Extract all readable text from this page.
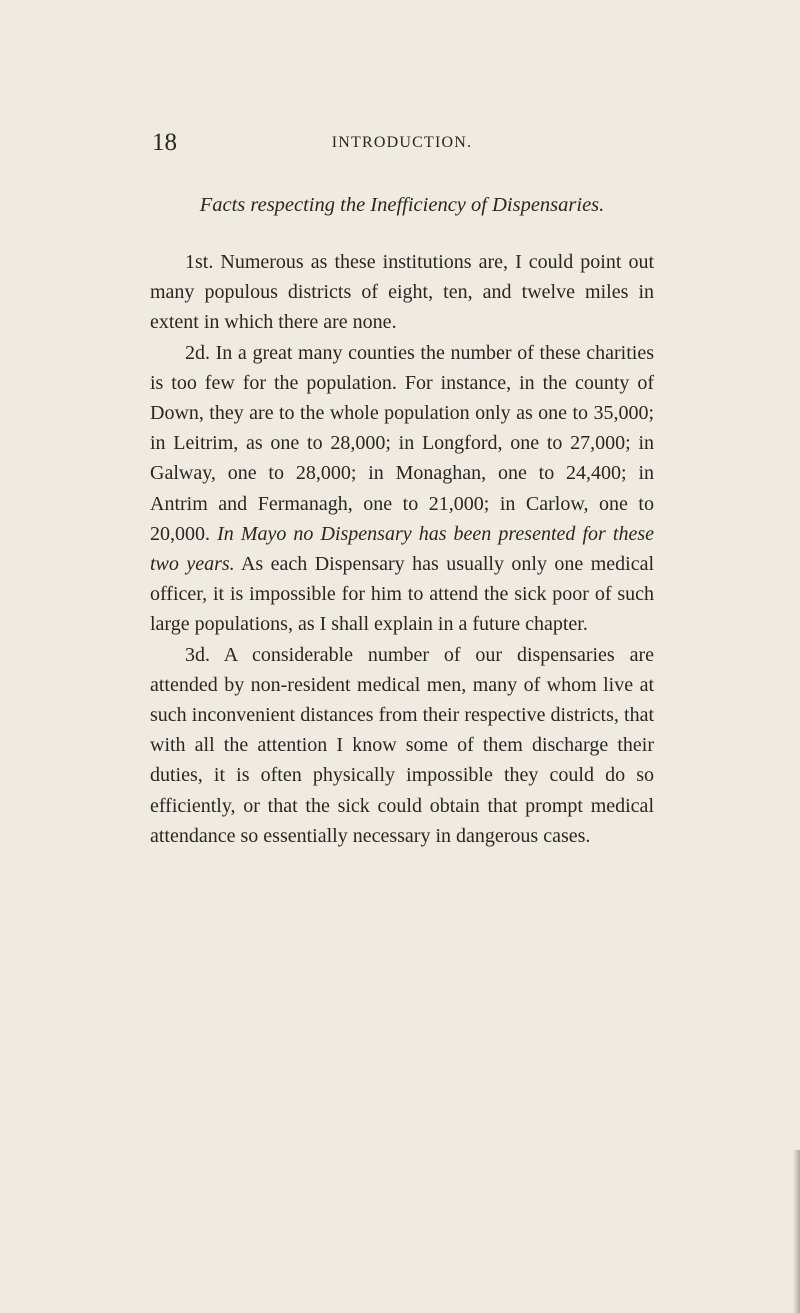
18	INTRODUCTION.
Facts respecting the Inefficiency of Dispensaries.

1st. Numerous as these institutions are, I could point out many populous districts of eight, ten, and twelve miles in extent in which there are none.

2d. In a great many counties the number of these charities is too few for the population. For instance, in the county of Down, they are to the whole population only as one to 35,000; in Leitrim, as one to 28,000; in Longford, one to 27,000; in Galway, one to 28,000; in Monaghan, one to 24,400; in Antrim and Fermanagh, one to 21,000; in Carlow, one to 20,000. In Mayo no Dispensary has been presented for these two years. As each Dispensary has usually only one medical officer, it is impossible for him to attend the sick poor of such large populations, as I shall explain in a future chapter.

3d. A considerable number of our dispensaries are attended by non-resident medical men, many of whom live at such inconvenient distances from their respective districts, that with all the attention I know some of them discharge their duties, it is often physically impossible they could do so efficiently, or that the sick could obtain that prompt medical attendance so essentially necessary in dangerous cases.
